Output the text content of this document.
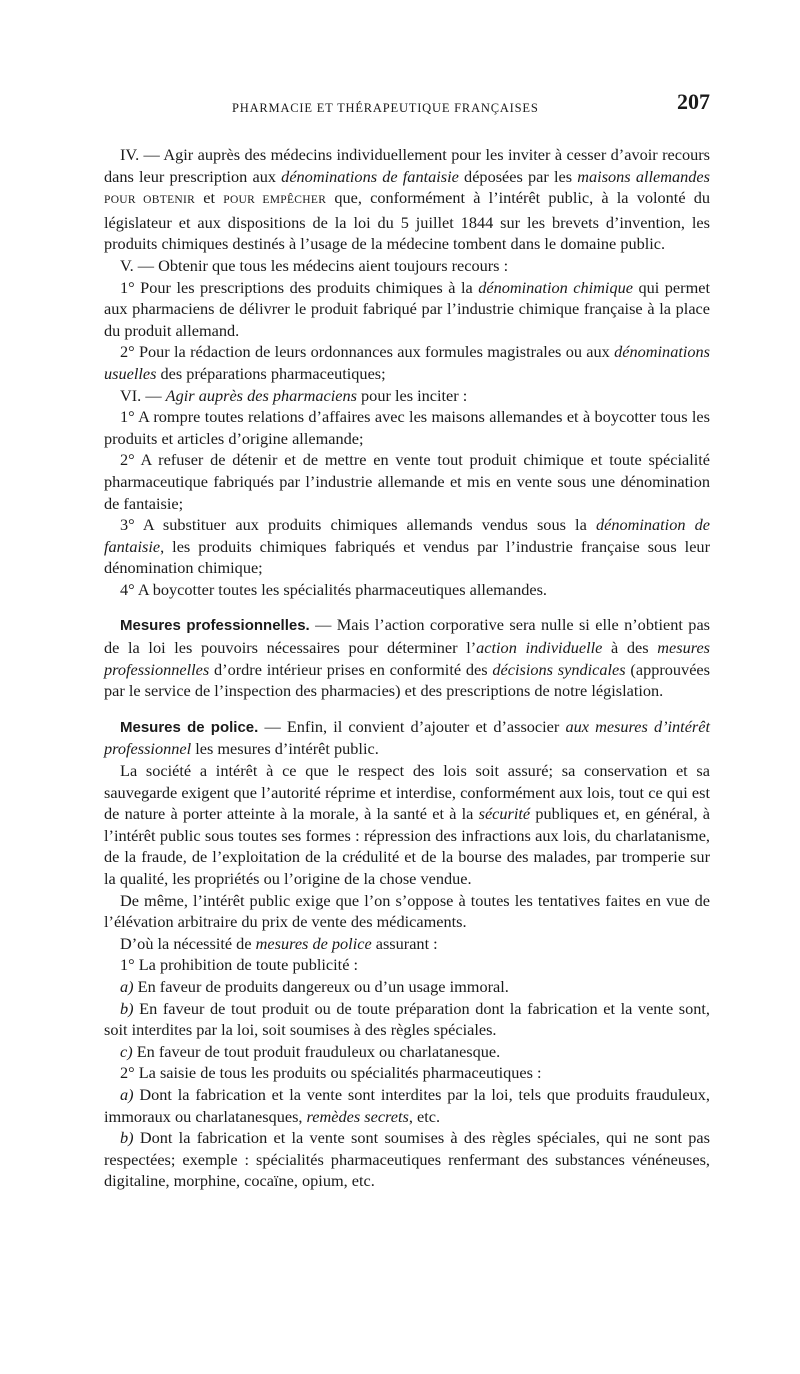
PHARMACIE ET THÉRAPEUTIQUE FRANÇAISES	207

IV. — Agir auprès des médecins individuellement pour les inviter à cesser d’avoir recours dans leur prescription aux dénominations de fantaisie déposées par les maisons allemandes POUR OBTENIR et POUR EMPÊCHER que, conformément à l’intérêt public, à la volonté du législateur et aux dispositions de la loi du 5 juillet 1844 sur les brevets d’invention, les produits chimiques destinés à l’usage de la médecine tombent dans le domaine public.

V. — Obtenir que tous les médecins aient toujours recours :

1° Pour les prescriptions des produits chimiques à la dénomination chimique qui permet aux pharmaciens de délivrer le produit fabriqué par l’industrie chimique française à la place du produit allemand.

2° Pour la rédaction de leurs ordonnances aux formules magistrales ou aux dénominations usuelles des préparations pharmaceutiques;

VI. — Agir auprès des pharmaciens pour les inciter :

1° A rompre toutes relations d’affaires avec les maisons allemandes et à boycotter tous les produits et articles d’origine allemande;

2° A refuser de détenir et de mettre en vente tout produit chimique et toute spécialité pharmaceutique fabriqués par l’industrie allemande et mis en vente sous une dénomination de fantaisie;

3° A substituer aux produits chimiques allemands vendus sous la dénomination de fantaisie, les produits chimiques fabriqués et vendus par l’industrie française sous leur dénomination chimique;

4° A boycotter toutes les spécialités pharmaceutiques allemandes.

Mesures professionnelles. — Mais l’action corporative sera nulle si elle n’obtient pas de la loi les pouvoirs nécessaires pour déterminer l’action individuelle à des mesures professionnelles d’ordre intérieur prises en conformité des décisions syndicales (approuvées par le service de l’inspection des pharmacies) et des prescriptions de notre législation.

Mesures de police. — Enfin, il convient d’ajouter et d’associer aux mesures d’intérêt professionnel les mesures d’intérêt public.

La société a intérêt à ce que le respect des lois soit assuré; sa conservation et sa sauvegarde exigent que l’autorité réprime et interdise, conformément aux lois, tout ce qui est de nature à porter atteinte à la morale, à la santé et à la sécurité publiques et, en général, à l’intérêt public sous toutes ses formes : répression des infractions aux lois, du charlatanisme, de la fraude, de l’exploitation de la crédulité et de la bourse des malades, par tromperie sur la qualité, les propriétés ou l’origine de la chose vendue.

De même, l’intérêt public exige que l’on s’oppose à toutes les tentatives faites en vue de l’élévation arbitraire du prix de vente des médicaments.

D’où la nécessité de mesures de police assurant :

1° La prohibition de toute publicité :

a) En faveur de produits dangereux ou d’un usage immoral.

b) En faveur de tout produit ou de toute préparation dont la fabrication et la vente sont, soit interdites par la loi, soit soumises à des règles spéciales.

c) En faveur de tout produit frauduleux ou charlatanesque.

2° La saisie de tous les produits ou spécialités pharmaceutiques :

a) Dont la fabrication et la vente sont interdites par la loi, tels que produits frauduleux, immoraux ou charlatanesques, remèdes secrets, etc.

b) Dont la fabrication et la vente sont soumises à des règles spéciales, qui ne sont pas respectées; exemple : spécialités pharmaceutiques renfermant des substances vénéneuses, digitaline, morphine, cocaïne, opium, etc.
